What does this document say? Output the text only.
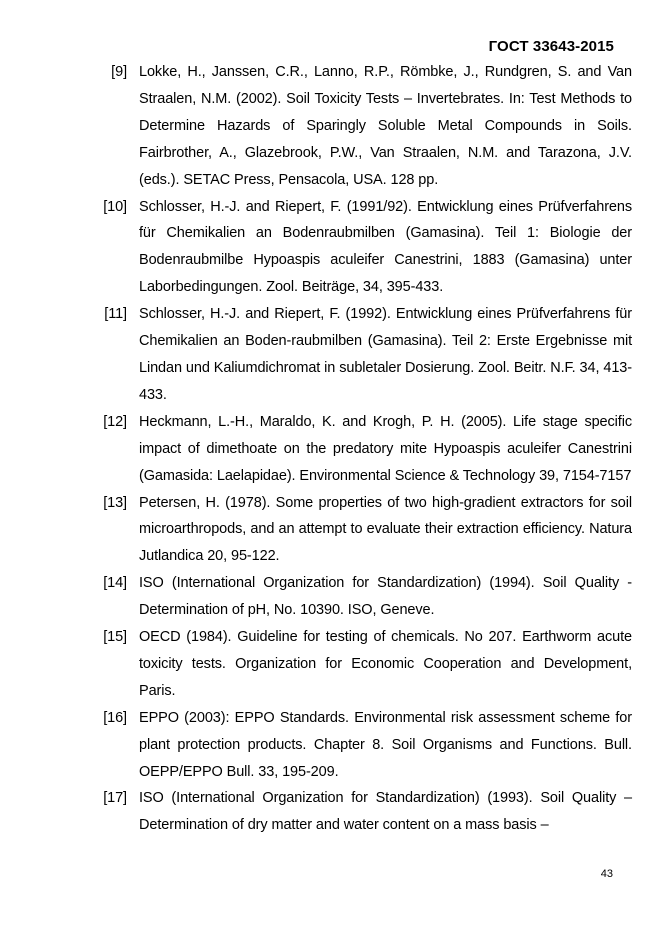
ГОСТ 33643-2015
[9] Lokke, H., Janssen, C.R., Lanno, R.P., Römbke, J., Rundgren, S. and Van Straalen, N.M. (2002). Soil Toxicity Tests – Invertebrates. In: Test Methods to Determine Hazards of Sparingly Soluble Metal Compounds in Soils. Fairbrother, A., Glazebrook, P.W., Van Straalen, N.M. and Tarazona, J.V. (eds.). SETAC Press, Pensacola, USA. 128 pp.
[10] Schlosser, H.-J. and Riepert, F. (1991/92). Entwicklung eines Prüfverfahrens für Chemikalien an Bodenraubmilben (Gamasina). Teil 1: Biologie der Bodenraubmilbe Hypoaspis aculeifer Canestrini, 1883 (Gamasina) unter Laborbedingungen. Zool. Beiträge, 34, 395-433.
[11] Schlosser, H.-J. and Riepert, F. (1992). Entwicklung eines Prüfverfahrens für Chemikalien an Boden-raubmilben (Gamasina). Teil 2: Erste Ergebnisse mit Lindan und Kaliumdichromat in subletaler Dosierung. Zool. Beitr. N.F. 34, 413-433.
[12] Heckmann, L.-H., Maraldo, K. and Krogh, P. H. (2005). Life stage specific impact of dimethoate on the predatory mite Hypoaspis aculeifer Canestrini (Gamasida: Laelapidae). Environmental Science & Technology 39, 7154-7157
[13] Petersen, H. (1978). Some properties of two high-gradient extractors for soil microarthropods, and an attempt to evaluate their extraction efficiency. Natura Jutlandica 20, 95-122.
[14] ISO (International Organization for Standardization) (1994). Soil Quality - Determination of pH, No. 10390. ISO, Geneve.
[15] OECD (1984). Guideline for testing of chemicals. No 207. Earthworm acute toxicity tests. Organization for Economic Cooperation and Development, Paris.
[16] EPPO (2003): EPPO Standards. Environmental risk assessment scheme for plant protection products. Chapter 8. Soil Organisms and Functions. Bull. OEPP/EPPO Bull. 33, 195-209.
[17] ISO (International Organization for Standardization) (1993). Soil Quality –Determination of dry matter and water content on a mass basis –
43
